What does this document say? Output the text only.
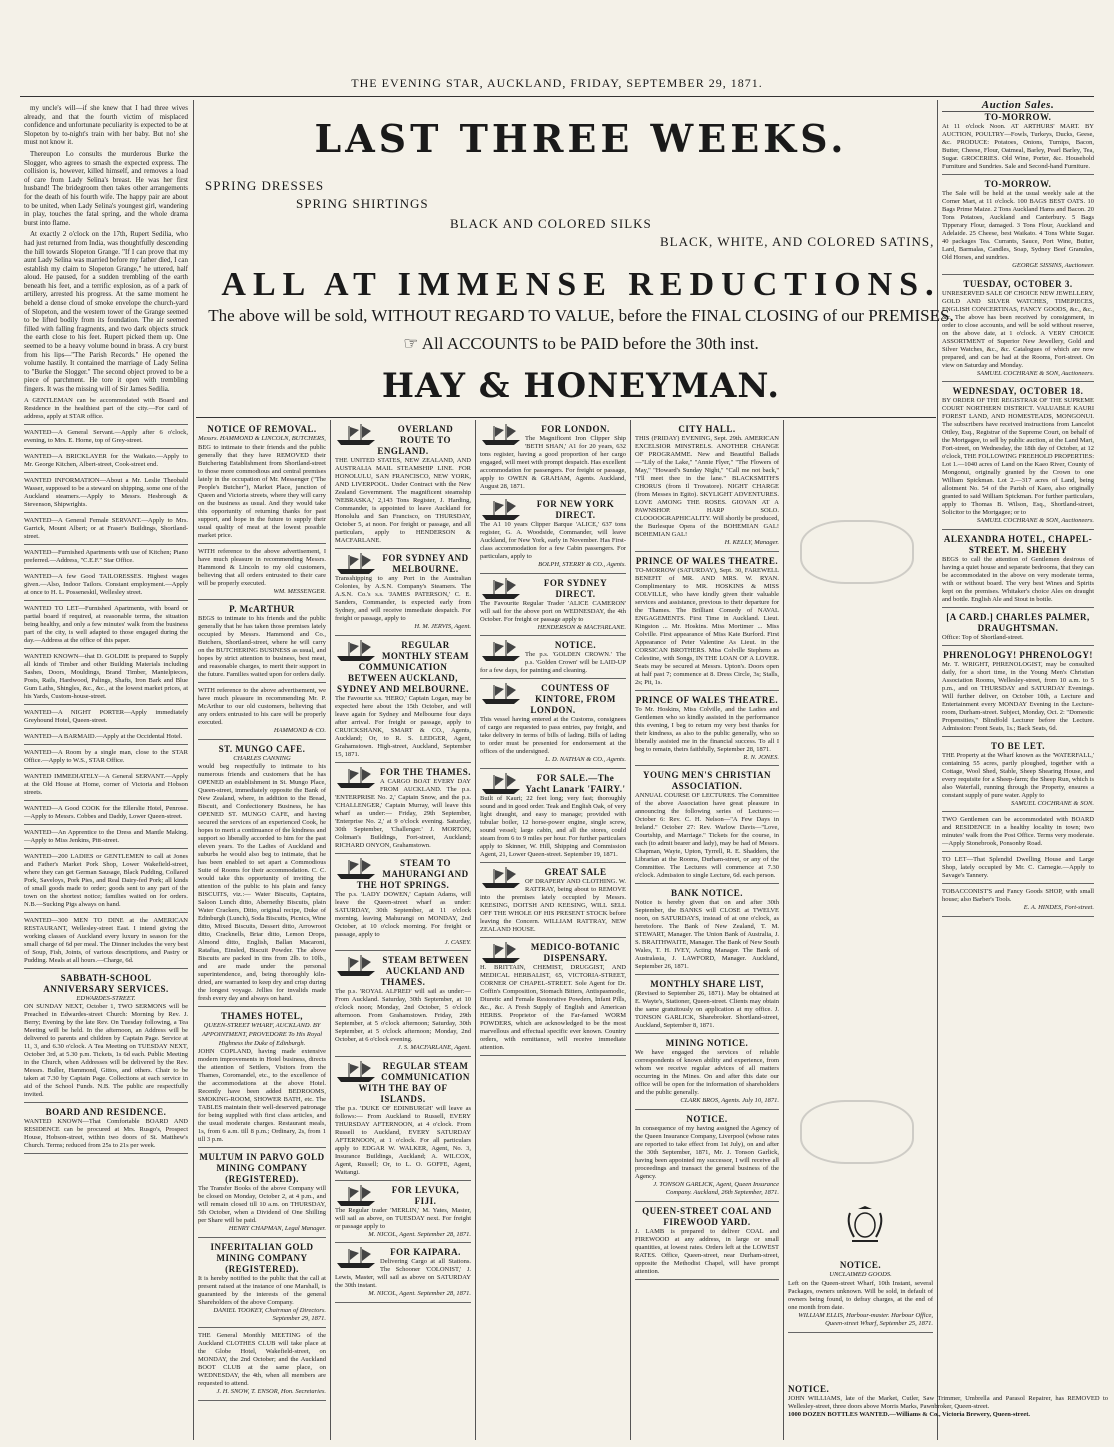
THE EVENING STAR, AUCKLAND, FRIDAY, SEPTEMBER 29, 1871.

my uncle's will—if she knew that I had three wives already, and that the fourth victim of misplaced confidence and unfortunate peculiarity is expected to be at Slopeton by to-night's train with her baby. But no! she must not know it.

Thereupon Lo consults the murderous Burke the Slogger, who agrees to smash the expected express. The collision is, however, killed himself, and removes a load of care from Lady Selina's breast. He was her first husband! The bridegroom then takes other arrangements for the death of his fourth wife. The happy pair are about to be united, when Lady Selina's youngest girl, wandering in play, touches the fatal spring, and the whole drama burst into flame.

At exactly 2 o'clock on the 17th, Rupert Sedilia, who had just returned from India, was thoughtfully descending the hill towards Slopeton Grange. "If I can prove that my aunt Lady Selina was married before my father died, I can establish my claim to Slopeton Grange," he uttered, half aloud. He paused, for a sudden trembling of the earth beneath his feet, and a terrific explosion, as of a park of artillery, arrested his progress. At the same moment he beheld a dense cloud of smoke envelope the church-yard of Slopeton, and the western tower of the Grange seemed to be lifted bodily from its foundation. The air seemed filled with falling fragments, and two dark objects struck the earth close to his feet. Rupert picked them up. One seemed to be a heavy volume bound in brass. A cry burst from his lips—"The Parish Records." He opened the volume hastily. It contained the marriage of Lady Selina to "Burke the Slogger." The second object proved to be a piece of parchment. He tore it open with trembling fingers. It was the missing will of Sir James Sedilia.

A GENTLEMAN can be accommodated with Board and Residence in the healthiest part of the city.—For card of address, apply at STAR office.
WANTED—A General Servant.—Apply after 6 o'clock, evening, to Mrs. E. Horne, top of Grey-street.
WANTED—A BRICKLAYER for the Waikato.—Apply to Mr. George Kitchen, Albert-street, Cook-street end.
WANTED INFORMATION—About a Mr. Leslie Theobald Wasser, supposed to be a steward on shipping, some one of the Auckland steamers.—Apply to Messrs. Hesbrough & Stevenson, Shipwrights.
WANTED—A General Female SERVANT.—Apply to Mrs. Garrick, Mount Albert; or at Fraser's Buildings, Shortland-street.
WANTED—Furnished Apartments with use of Kitchen; Piano preferred.—Address, "C.E.F." Star Office.
WANTED—A few Good TAILORESSES. Highest wages given.—Also, Indoor Tailors. Constant employment.—Apply at once to H. L. Posseneskil, Wellesley street.
WANTED TO LET—Furnished Apartments, with board or partial board if required, at reasonable terms, the situation being healthy, and only a few minutes' walk from the business part of the city, is well adapted to those engaged during the day.—Address at the office of this paper.
WANTED KNOWN—that D. GOLDIE is prepared to Supply all kinds of Timber and other Building Materials including Sashes, Doors, Mouldings, Brand Timber, Mantelpieces, Posts, Rails, Hardwood, Palings, Shafts, Iron Bark and Blue Gum Laths, Shingles, &c., &c., at the lowest market prices, at his Yards, Custom-house-street.
WANTED—A NIGHT PORTER—Apply immediately Greyhound Hotel, Queen-street.
WANTED—A BARMAID.—Apply at the Occidental Hotel.
WANTED—A Room by a single man, close to the STAR Office.—Apply to W.S., STAR Office.
WANTED IMMEDIATELY—A General SERVANT.—Apply at the Old House at Home, corner of Victoria and Hobson streets.
WANTED—A Good COOK for the Ellerslie Hotel, Penrose.—Apply to Messrs. Cobbes and Daddy, Lower Queen-street.
WANTED—An Apprentice to the Dress and Mantle Making.—Apply to Miss Jenkins, Pitt-street.
WANTED—200 LADIES or GENTLEMEN to call at Jones and Father's Market Pork Shop, Lower Wakefield-street, where they can get German Sausage, Black Pudding, Collared Pork, Saveloys, Pork Pies, and Real Dairy-fed Pork; all kinds of small goods made to order; goods sent to any part of the town on the shortest notice; families waited on for orders. N.B.—Sucking Pigs always on hand.
WANTED—300 MEN TO DINE at the AMERICAN RESTAURANT, Wellesley-street East. I intend giving the working classes of Auckland every luxury in season for the small charge of 6d per meal. The Dinner includes the very best of Soup, Fish, Joints, of various descriptions, and Pastry or Pudding. Meals at all hours.—Charge, 6d.
SABBATH-SCHOOL ANNIVERSARY SERVICES.
EDWARDES-STREET.
ON SUNDAY NEXT, October 1, TWO SERMONS will be Preached in Edwardes-street Church: Morning by Rev. J. Berry; Evening by the late Rev. On Tuesday following, a Tea Meeting will be held. In the afternoon, an Address will be delivered to parents and children by Captain Page. Service at 11, 3, and 6.30 o'clock. A Tea Meeting on TUESDAY NEXT, October 3rd, at 5.30 p.m. Tickets, 1s 6d each. Public Meeting in the Church, when Addresses will be delivered by the Rev. Messrs. Buller, Hammond, Gittos, and others. Chair to be taken at 7.30 by Captain Page. Collections at each service in aid of the School Funds. N.B. The public are respectfully invited.
BOARD AND RESIDENCE.
WANTED KNOWN—That Comfortable BOARD AND RESIDENCE can be procured at Mrs. Rusgo's, Prospect House, Hobson-street, within two doors of St. Matthew's Church. Terms; reduced from 25s to 21s per week.
LAST THREE WEEKS.
SPRING DRESSES
SPRING SHIRTINGS
BLACK AND COLORED SILKS
BLACK, WHITE, AND COLORED SATINS,
ALL AT IMMENSE REDUCTIONS.
The above will be sold, WITHOUT REGARD TO VALUE, before the FINAL CLOSING of our PREMISES.
☞ All ACCOUNTS to be PAID before the 30th inst.
HAY & HONEYMAN.
NOTICE OF REMOVAL.
Messrs. HAMMOND & LINCOLN, BUTCHERS,
BEG to intimate to their friends and the public generally that they have REMOVED their Butchering Establishment from Shortland-street to those more commodious and central premises lately in the occupation of Mr. Messenger ("The People's Butcher"), Market Place, junction of Queen and Victoria streets, where they will carry on the business as usual. And they would take this opportunity of returning thanks for past support, and hope in the future to supply their usual quality of meat at the lowest possible market price.
WITH reference to the above advertisement, I have much pleasure in recommending Messrs. Hammond & Lincoln to my old customers, believing that all orders entrusted to their care will be properly executed.
WM. MESSENGER.
P. McARTHUR
BEGS to intimate to his friends and the public generally that he has taken those premises lately occupied by Messrs. Hammond and Co., Butchers, Shortland-street, where he will carry on the BUTCHERING BUSINESS as usual, and hopes by strict attention to business, best meat, and reasonable charges, to merit their support in the future. Families waited upon for orders daily.
WITH reference to the above advertisement, we have much pleasure in recommending Mr. P. McArthur to our old customers, believing that any orders entrusted to his care will be properly executed.
HAMMOND & CO.
ST. MUNGO CAFE.
CHARLES CANNING
would beg respectfully to intimate to his numerous friends and customers that he has OPENED an establishment in St. Mungo Place, Queen-street, immediately opposite the Bank of New Zealand, where, in addition to the Bread, Biscuit, and Confectionery Business, he has OPENED ST. MUNGO CAFE, and having secured the services of an experienced Cook, he hopes to merit a continuance of the kindness and support so liberally accorded to him for the past eleven years. To the Ladies of Auckland and suburbs he would also beg to intimate, that he has been enabled to set apart a Commodious Suite of Rooms for their accommodation. C. C. would take this opportunity of inviting the attention of the public to his plain and fancy BISCUITS, viz.:— Water Biscuits, Captains, Saloon Lunch ditto, Abernethy Biscuits, plain Water Crackers, Ditto, original recipe, Duke of Edinburgh (Lunch), Soda Biscuits, Picnics, Wine ditto, Mixed Biscuits, Dessert ditto, Arrowroot ditto, Cracknells, Briar ditto, Lemon Drops, Almond ditto, English, Ballan Macaroni, Ratafias, Einsled, Biscuit Powder. The above Biscuits are packed in tins from 2lb. to 10lb., and are made under the personal superintendence, and, being thoroughly kiln-dried, are warranted to keep dry and crisp during the longest voyage. Jellies for invalids made fresh every day and always on hand.
THAMES HOTEL,
QUEEN-STREET WHARF, AUCKLAND. BY APPOINTMENT, PROVEDORE To His Royal Highness the Duke of Edinburgh.
JOHN COPLAND, having made extensive modern improvements in Hotel business, directs the attention of Settlers, Visitors from the Thames, Coromandel, etc., to the excellence of the accommodations at the above Hotel. Recently have been added BEDROOMS, SMOKING-ROOM, SHOWER BATH, etc. The TABLES maintain their well-deserved patronage for being supplied with first class articles, and the usual moderate charges. Restaurant meals, 1s, from 6 a.m. till 8 p.m.; Ordinary, 2s, from 1 till 3 p.m.
MULTUM IN PARVO GOLD MINING COMPANY (REGISTERED).
The Transfer Books of the above Company will be closed on Monday, October 2, at 4 p.m., and will remain closed till 10 a.m. on THURSDAY, 5th October, when a Dividend of One Shilling per Share will be paid.
HENRY CHAPMAN, Legal Manager.
INFERITALIAN GOLD MINING COMPANY (REGISTERED).
It is hereby notified to the public that the call at present raised at the instance of one Marshall, is guaranteed by the interests of the general Shareholders of the above Company.
DANIEL TOOKEY, Chairman of Directors. September 29, 1871.
THE General Monthly MEETING of the Auckland CLOTHES CLUB will take place at the Globe Hotel, Wakefield-street, on MONDAY, the 2nd October; and the Auckland BOOT CLUB at the same place, on WEDNESDAY, the 4th, when all members are requested to attend.
J. H. SNOW, T. ENSOR, Hon. Secretaries.
OVERLAND ROUTE TO ENGLAND.
THE UNITED STATES, NEW ZEALAND, AND AUSTRALIA MAIL STEAMSHIP LINE. FOR HONOLULU, SAN FRANCISCO, NEW YORK, AND LIVERPOOL. Under Contract with the New Zealand Government. The magnificent steamship 'NEBRASKA,' 2,143 Tons Register, J. Harding, Commander, is appointed to leave Auckland for Honolulu and San Francisco, on THURSDAY, October 5, at noon. For freight or passage, and all particulars, apply to HENDERSON & MACFARLANE.
FOR SYDNEY AND MELBOURNE.
Transshipping to any Port in the Australian Colonies, by A.S.N. Company's Steamers. The A.S.N. Co.'s s.s. 'JAMES PATERSON,' C. E. Sanders, Commander, is expected early from Sydney, and will receive immediate despatch. For freight or passage, apply to
H. M. JERVIS, Agent.
REGULAR MONTHLY STEAM COMMUNICATION BETWEEN AUCKLAND, SYDNEY AND MELBOURNE.
The Favourite s.s. 'HERO,' Captain Logan, may be expected here about the 15th October, and will leave again for Sydney and Melbourne four days after arrival. For freight or passage, apply to CRUICKSHANK, SMART & CO., Agents, Auckland; Or, to R. S. LEDGER, Agent, Grahamstown. High-street, Auckland, September 15, 1871.
FOR THE THAMES.
A CARGO BOAT EVERY DAY FROM AUCKLAND. The p.s. 'ENTERPRISE No. 2,' Captain Snow, and the p.s. 'CHALLENGER,' Captain Murray, will leave this wharf as under:— Friday, 29th September, 'Enterprise No. 2,' at 9 o'clock evening. Saturday, 30th September, 'Challenger.' J. MORTON, Coltman's Buildings, Fort-street, Auckland; RICHARD ONYON, Grahamstown.
STEAM TO MAHURANGI AND THE HOT SPRINGS.
The p.s. 'LADY DOWEN,' Captain Adams, will leave the Queen-street wharf as under: SATURDAY, 30th September, at 11 o'clock morning, leaving Mahurangi on MONDAY, 2nd October, at 10 o'clock morning. For freight or passage, apply to
J. CASEY.
STEAM BETWEEN AUCKLAND AND THAMES.
The p.s. 'ROYAL ALFRED' will sail as under:— From Auckland. Saturday, 30th September, at 10 o'clock noon; Monday, 2nd October, 5 o'clock afternoon. From Grahamstown. Friday, 29th September, at 5 o'clock afternoon; Saturday, 30th September, at 5 o'clock afternoon; Monday, 2nd October, at 6 o'clock evening.
J. S. MACFARLANE, Agent.
REGULAR STEAM COMMUNICATION WITH THE BAY OF ISLANDS.
The p.s. 'DUKE OF EDINBURGH' will leave as follows:— From Auckland to Russell, EVERY THURSDAY AFTERNOON, at 4 o'clock. From Russell to Auckland, EVERY SATURDAY AFTERNOON, at 1 o'clock. For all particulars apply to EDGAR W. WALKER, Agent, No. 3, Insurance Buildings, Auckland; A. WILCOX, Agent, Russell; Or, to L. O. GOFFE, Agent, Waitangi.
FOR LEVUKA, FIJI.
The Regular trader 'MERLIN,' M. Yates, Master, will sail as above, on TUESDAY next. For freight or passage apply to
M. NICOL, Agent. September 28, 1871.
FOR KAIPARA.
Delivering Cargo at all Stations. The Schooner 'COLONIST,' J. Lewis, Master, will sail as above on SATURDAY the 30th instant.
M. NICOL, Agent. September 28, 1871.
FOR LONDON.
The Magnificent Iron Clipper Ship 'BETH SHAN,' A1 for 20 years, 632 tons register, having a good proportion of her cargo engaged, will meet with prompt despatch. Has excellent accommodation for passengers. For freight or passage, apply to OWEN & GRAHAM, Agents. Auckland, August 28, 1871.
FOR NEW YORK DIRECT.
The A1 10 years Clipper Barque 'ALICE,' 637 tons register, G. A. Woodside, Commander, will leave Auckland, for New York, early in November. Has First-class accommodation for a few Cabin passengers. For particulars, apply to
BOLPH, STERRY & CO., Agents.
FOR SYDNEY DIRECT.
The Favourite Regular Trader 'ALICE CAMERON' will sail for the above port on WEDNESDAY, the 4th October. For freight or passage apply to
HENDERSON & MACFARLANE.
NOTICE.
The p.s. 'GOLDEN CROWN.' The p.s. 'Golden Crown' will be LAID-UP for a few days, for painting and cleaning.
COUNTESS OF KINTORE, FROM LONDON.
This vessel having entered at the Customs, consignees of cargo are requested to pass entries, pay freight, and take delivery in terms of bills of lading. Bills of lading to order must be presented for endorsement at the offices of the undersigned.
L. D. NATHAN & CO., Agents.
FOR SALE.—The Yacht Lanark 'FAIRY.'
Built of Kauri; 22 feet long; very fast; thoroughly sound and in good order. Teak and English Oak, of very light draught, and easy to manage; provided with tubular boiler, 12 horse-power engine, single screw, sound vessel; large cabin, and all the stores, could steam from 6 to 9 miles per hour. For further particulars apply to Skinner, W. Hill, Shipping and Commission Agent, 21, Lower Queen-street. September 19, 1871.
GREAT SALE
OF DRAPERY AND CLOTHING. W. RATTRAY, being about to REMOVE into the premises lately occupied by Messrs. KEESING, DOITSH AND KEESING, WILL SELL OFF THE WHOLE OF HIS PRESENT STOCK before leaving the Concern. WILLIAM RATTRAY, NEW ZEALAND HOUSE.
MEDICO-BOTANIC DISPENSARY.
H. BRITTAIN, CHEMIST, DRUGGIST, AND MEDICAL HERBALIST, 65, VICTORIA-STREET, CORNER OF CHAPEL-STREET. Sole Agent for Dr. Coffin's Composition, Stomach Bitters, Antispasmodic, Diuretic and Female Restorative Powders, Infant Pills, &c., &c. A Fresh Supply of English and American HERBS. Proprietor of the Far-famed WORM POWDERS, which are acknowledged to be the most marvellous and effectual specific ever known. Country orders, with remittance, will receive immediate attention.
CITY HALL.
THIS (FRIDAY) EVENING, Sept. 29th. AMERICAN EXCELSIOR MINSTRELS. ANOTHER CHANGE OF PROGRAMME. New and Beautiful Ballads—"Lily of the Lake," "Annie Flyer," "The Flowers of May," "Howard's Sunday Night," "Call me not back," "I'll meet thee in the lane." BLACKSMITH'S CHORUS (from Il Trovatore). NIGHT CHARGE (from Messes in Egito). SKYLIGHT ADVENTURES. LOVE AMONG THE ROSES. GIOVAN AT A PAWNSHOP. HARP SOLO. CLOOOOGRAPHICALITY. Will shortly be produced, the Burlesque Opera of the BOHEMIAN GAL! BOHEMIAN GAL!
H. KELLY, Manager.
PRINCE OF WALES THEATRE.
TO-MORROW (SATURDAY), Sept. 30, FAREWELL BENEFIT of MR. AND MRS. W. RYAN. Complimentary to MR. HOSKINS & MISS COLVILLE, who have kindly given their valuable services and assistance, previous to their departure for the Thames. The Brilliant Comedy of NAVAL ENGAGEMENTS. First Time in Auckland. Lieut. Kingston ... Mr. Hoskins. Miss Mortimer ... Miss Colville. First appearance of Miss Kate Burford. First Appearance of Peter Valentine As Lieut. in the CORSICAN BROTHERS. Miss Colville Stephens as Celestine, with Songs, IN THE LOAN OF A LOVER. Seats may be secured at Messrs. Upton's. Doors open at half past 7; commence at 8. Dress Circle, 3s; Stalls, 2s; Pit, 1s.
PRINCE OF WALES THEATRE.
To Mr. Hoskins, Miss Colville, and the Ladies and Gentlemen who so kindly assisted in the performance this evening, I beg to return my very best thanks for their kindness, as also to the public generally, who so liberally assisted me in the financial success. To all I beg to remain, theirs faithfully, September 28, 1871.
R. N. JONES.
YOUNG MEN'S CHRISTIAN ASSOCIATION.
ANNUAL COURSE OF LECTURES. The Committee of the above Association have great pleasure in announcing the following series of Lectures:— October 6: Rev. C. H. Nelson—"A Few Days in Ireland." October 27: Rev. Warlow Davis—"Love, Courtship, and Marriage." Tickets for the course, in each (to admit bearer and lady), may be had of Messrs. Chapman, Wayte, Upton, Tyrrell, R. E. Shadders, the Librarian at the Rooms, Durham-street, or any of the Committee. The Lectures will commence at 7.30 o'clock. Admission to single Lecture, 6d. each person.
BANK NOTICE.
Notice is hereby given that on and after 30th September, the BANKS will CLOSE at TWELVE noon, on SATURDAYS, instead of at one o'clock, as heretofore. The Bank of New Zealand, T. M. STEWART, Manager. The Union Bank of Australia, J. S. BRAITHWAITE, Manager. The Bank of New South Wales, T. H. IVEY, Acting Manager. The Bank of Australasia, J. LAWFORD, Manager. Auckland, September 26, 1871.
MONTHLY SHARE LIST,
(Revised to September 26, 1871). May be obtained at E. Wayte's, Stationer, Queen-street. Clients may obtain the same gratuitously on application at my office. J. TONSON GARLICK, Sharebroker. Shortland-street, Auckland, September 8, 1871.
MINING NOTICE.
We have engaged the services of reliable correspondents of known ability and experience, from whom we receive regular advices of all matters occurring in the Mines. On and after this date our office will be open for the information of shareholders and the public generally.
CLARK BROS, Agents. July 10, 1871.
NOTICE.
In consequence of my having assigned the Agency of the Queen Insurance Company, Liverpool (whose rates are reported to take effect from 1st July), on and after the 30th September, 1871, Mr. J. Tonson Garlick, having been appointed my successor, I will receive all proceedings and transact the general business of the Agency.
J. TONSON GARLICK, Agent, Queen Insurance Company. Auckland, 26th September, 1871.
QUEEN-STREET COAL AND FIREWOOD YARD.
J. LAMB is prepared to deliver COAL and FIREWOOD at any address, in large or small quantities, at lowest rates. Orders left at the LOWEST RATES. Office, Queen-street, near Durham-street, opposite the Methodist Chapel, will have prompt attention.
NOTICE.
UNCLAIMED GOODS.
Left on the Queen-street Wharf, 10th Instant, several Packages, owners unknown. Will be sold, in default of owners being found, to defray charges, at the end of one month from date.
WILLIAM ELLIS, Harbour-master. Harbour Office, Queen-street Wharf, September 25, 1871.
NOTICE.
JOHN WILLIAMS, late of the Market, Cutler, Saw Trimmer, Umbrella and Parasol Repairer, has REMOVED to Wellesley-street, three doors above Morris Marks, Pawnbroker, Queen-street.
1000 DOZEN BOTTLES WANTED.—Williams & Co., Victoria Brewery, Queen-street.
Auction Sales.
TO-MORROW.
At 11 o'clock Noon. AT ARTHURS' MART. BY AUCTION, POULTRY—Fowls, Turkeys, Ducks, Geese, &c. PRODUCE: Potatoes, Onions, Turnips, Bacon, Butter, Cheese, Flour, Oatmeal, Barley, Pearl Barley, Tea, Sugar. GROCERIES. Old Wine, Porter, &c. Household Furniture and Sundries. Sale and Second-hand Furniture.
TO-MORROW.
The Sale will be held at the usual weekly sale at the Corner Mart, at 11 o'clock. 100 BAGS BEST OATS. 10 Bags Prime Maize. 2 Tons Auckland Hams and Bacon. 20 Tons Potatoes, Auckland and Canterbury. 5 Bags Tipperary Flour, damaged. 3 Tons Flour, Auckland and Adelaide. 25 Cheese, best Waikato. 4 Tons White Sugar. 40 packages Tea. Currants, Sauce, Port Wine, Butter, Lard, Barmalas, Candles, Soap, Sydney Beef Granules, Old Horses, and sundries.
GEORGE SISSINS, Auctioneer.
TUESDAY, OCTOBER 3.
UNRESERVED SALE OF CHOICE NEW JEWELLERY, GOLD AND SILVER WATCHES, TIMEPIECES, ENGLISH CONCERTINAS, FANCY GOODS, &c., &c., &c. The above has been received by consignment, in order to close accounts, and will be sold without reserve, on the above date, at 1 o'clock. A VERY CHOICE ASSORTMENT of Superior New Jewellery, Gold and Silver Watches, &c., &c. Catalogues of which are now prepared, and can be had at the Rooms, Fort-street. On view on Saturday and Monday.
SAMUEL COCHRANE & SON, Auctioneers.
WEDNESDAY, OCTOBER 18.
BY ORDER OF THE REGISTRAR OF THE SUPREME COURT NORTHERN DISTRICT. VALUABLE KAURI FOREST LAND, AND HOMESTEADS, MONGONUI. The subscribers have received instructions from Lancelot Ottley, Esq., Registrar of the Supreme Court, on behalf of the Mortgagee, to sell by public auction, at the Land Mart, Fort-street, on Wednesday, the 18th day of October, at 12 o'clock, THE FOLLOWING FREEHOLD PROPERTIES: Lot 1.—1040 acres of Land on the Kaeo River, County of Mongonui, originally granted by the Crown to one William Spickman. Lot 2.—317 acres of Land, being allotment No. 54 of the Parish of Kaeo, also originally granted to said William Spickman. For further particulars, apply to Thomas B. Wilson, Esq., Shortland-street, Solicitor to the Mortgagee; or to
SAMUEL COCHRANE & SON, Auctioneers.
ALEXANDRA HOTEL, CHAPEL-STREET. M. SHEEHY
BEGS to call the attention of Gentlemen desirous of having a quiet house and separate bedrooms, that they can be accommodated in the above on very moderate terms, with or without board. The very best Wines and Spirits kept on the premises. Whitaker's choice Ales on draught and bottle. English Ale and Stout in bottle.
[A CARD.] CHARLES PALMER, DRAUGHTSMAN.
Office: Top of Shortland-street.
PHRENOLOGY! PHRENOLOGY!
Mr. T. WRIGHT, PHRENOLOGIST, may be consulted daily, for a short time, in the Young Men's Christian Association Rooms, Wellesley-street, from 10 a.m. to 5 p.m., and on THURSDAY and SATURDAY Evenings. Will further deliver, on October 10th, a Lecture and Entertainment every MONDAY Evening in the Lecture-room, Durham-street. Subject, Monday, Oct. 2: "Domestic Propensities," Blindfold Lecturer before the Lecture. Admission: Front Seats, 1s.; Back Seats, 6d.
TO BE LET.
THE Property at the Wharf known as the 'WATERFALL,' containing 55 acres, partly ploughed, together with a Cottage, Wool Shed, Stable, Sheep Shearing House, and every requisite for a Sheep-farm; the Sheep Run, which is also Waterfall, running through the Property, ensures a constant supply of pure water. Apply to
SAMUEL COCHRANE & SON.
TWO Gentlemen can be accommodated with BOARD and RESIDENCE in a healthy locality in town; two minutes' walk from the Post Office. Terms very moderate.—Apply Stonebrook, Ponsonby Road.
TO LET—That Splendid Dwelling House and Large Shop, lately occupied by Mr. C. Carnegie.—Apply to Savage's Tannery.
TOBACCONIST'S and Fancy Goods SHOP, with small house; also Barber's Tools.
E. A. HINDES, Fort-street.
